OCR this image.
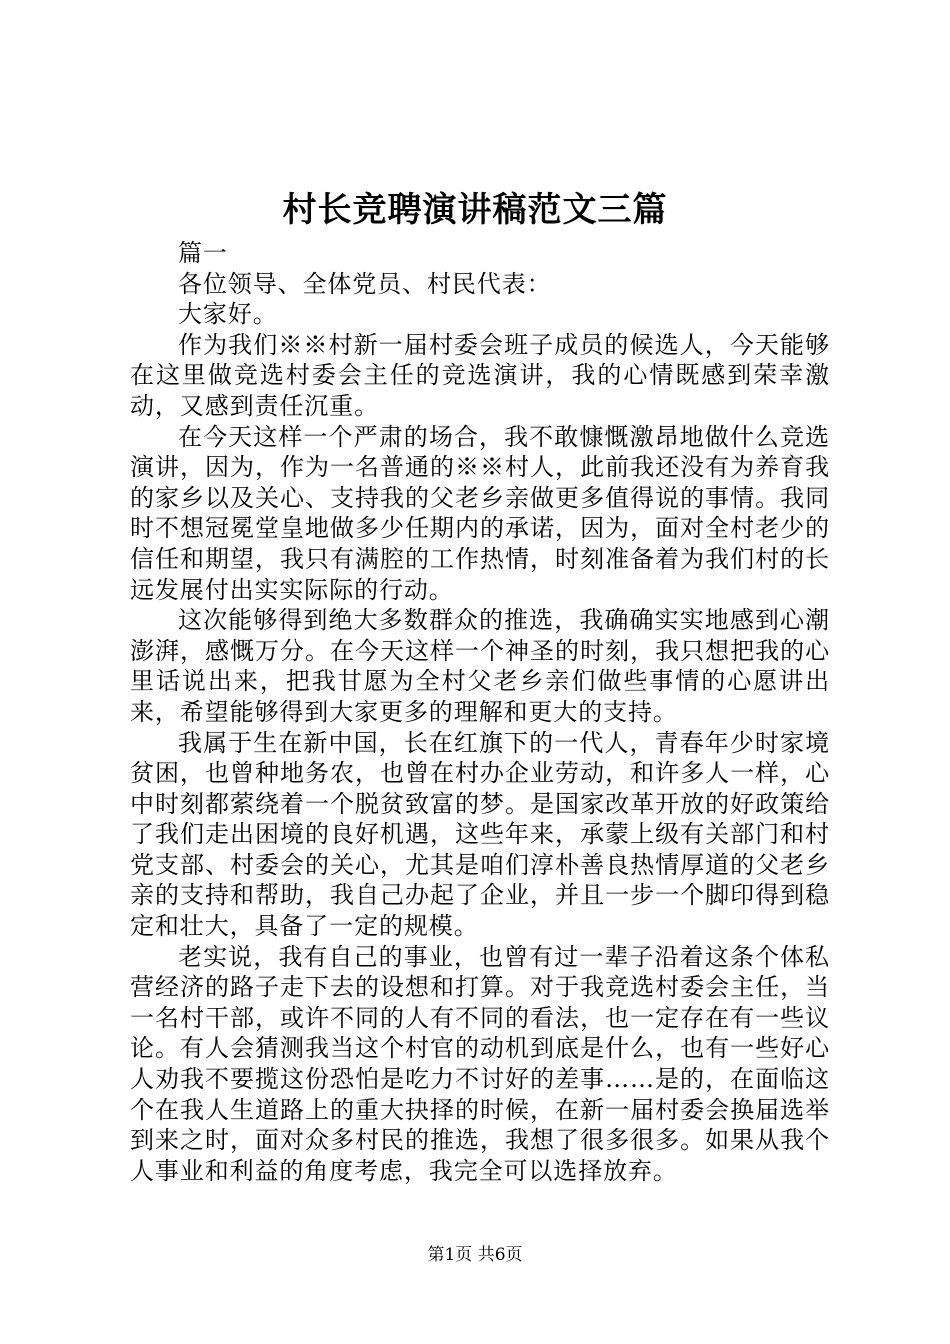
村长竞聘演讲稿范文三篇

篇一

各位领导、全体党员、村民代表：

大家好。

作为我们※※村新一届村委会班子成员的候选人，今天能够在这里做竞选村委会主任的竞选演讲，我的心情既感到荣幸激动，又感到责任沉重。

在今天这样一个严肃的场合，我不敢慷慨激昂地做什么竞选演讲，因为，作为一名普通的※※村人，此前我还没有为养育我的家乡以及关心、支持我的父老乡亲做更多值得说的事情。我同时不想冠冕堂皇地做多少任期内的承诺，因为，面对全村老少的信任和期望，我只有满腔的工作热情，时刻准备着为我们村的长远发展付出实实际际的行动。

这次能够得到绝大多数群众的推选，我确确实实地感到心潮澎湃，感慨万分。在今天这样一个神圣的时刻，我只想把我的心里话说出来，把我甘愿为全村父老乡亲们做些事情的心愿讲出来，希望能够得到大家更多的理解和更大的支持。

我属于生在新中国，长在红旗下的一代人，青春年少时家境贫困，也曾种地务农，也曾在村办企业劳动，和许多人一样，心中时刻都萦绕着一个脱贫致富的梦。是国家改革开放的好政策给了我们走出困境的良好机遇，这些年来，承蒙上级有关部门和村党支部、村委会的关心，尤其是咱们淳朴善良热情厚道的父老乡亲的支持和帮助，我自己办起了企业，并且一步一个脚印得到稳定和壮大，具备了一定的规模。

老实说，我有自己的事业，也曾有过一辈子沿着这条个体私营经济的路子走下去的设想和打算。对于我竞选村委会主任，当一名村干部，或许不同的人有不同的看法，也一定存在有一些议论。有人会猜测我当这个村官的动机到底是什么，也有一些好心人劝我不要揽这份恐怕是吃力不讨好的差事……是的，在面临这个在我人生道路上的重大抉择的时候，在新一届村委会换届选举到来之时，面对众多村民的推选，我想了很多很多。如果从我个人事业和利益的角度考虑，我完全可以选择放弃。

第1页 共6页
